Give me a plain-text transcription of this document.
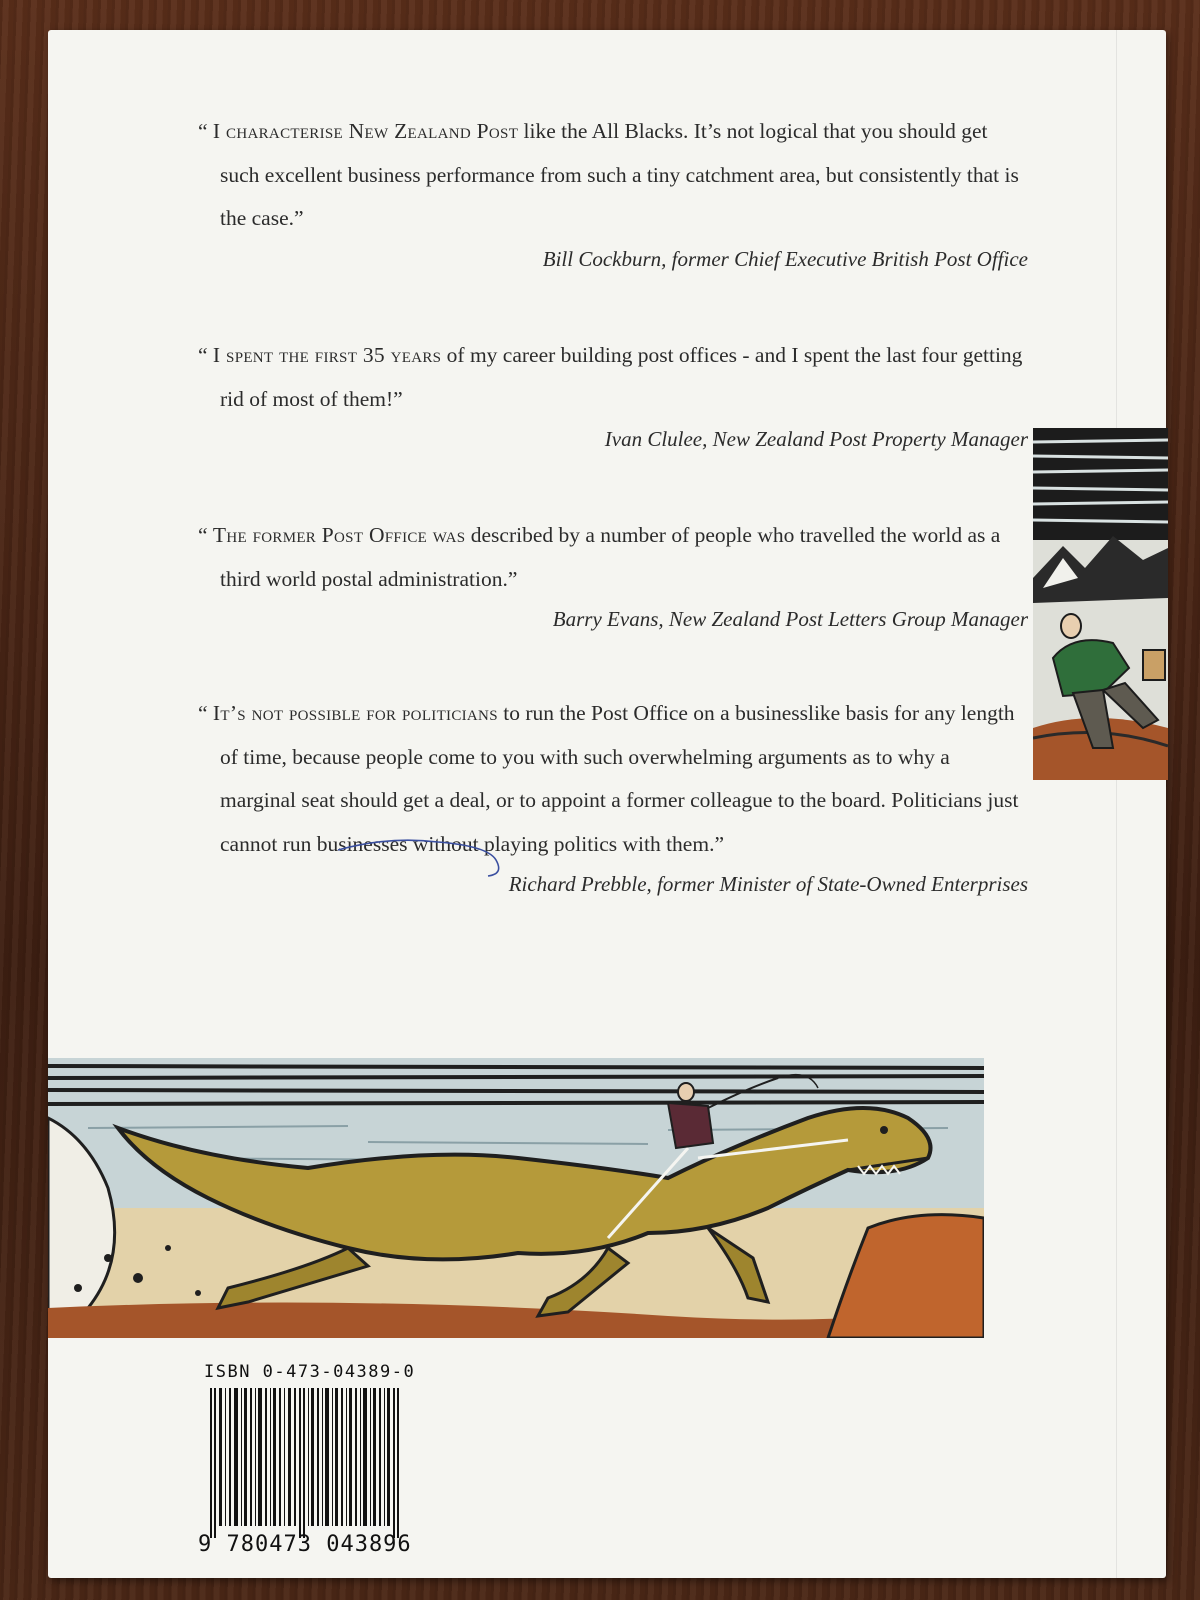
“ I characterise New Zealand Post like the All Blacks. It’s not logical that you should get such excellent business performance from such a tiny catchment area, but consistently that is the case.”

Bill Cockburn, former Chief Executive British Post Office

“ I spent the first 35 years of my career building post offices - and I spent the last four getting rid of most of them!”

Ivan Clulee, New Zealand Post Property Manager

“ The former Post Office was described by a number of people who travelled the world as a third world postal administration.”

Barry Evans, New Zealand Post Letters Group Manager

“ It’s not possible for politicians to run the Post Office on a businesslike basis for any length of time, because people come to you with such overwhelming arguments as to why a marginal seat should get a deal, or to appoint a former colleague to the board. Politicians just cannot run businesses without playing politics with them.”

Richard Prebble, former Minister of State-Owned Enterprises
ISBN 0-473-04389-0
9 780473 043896
